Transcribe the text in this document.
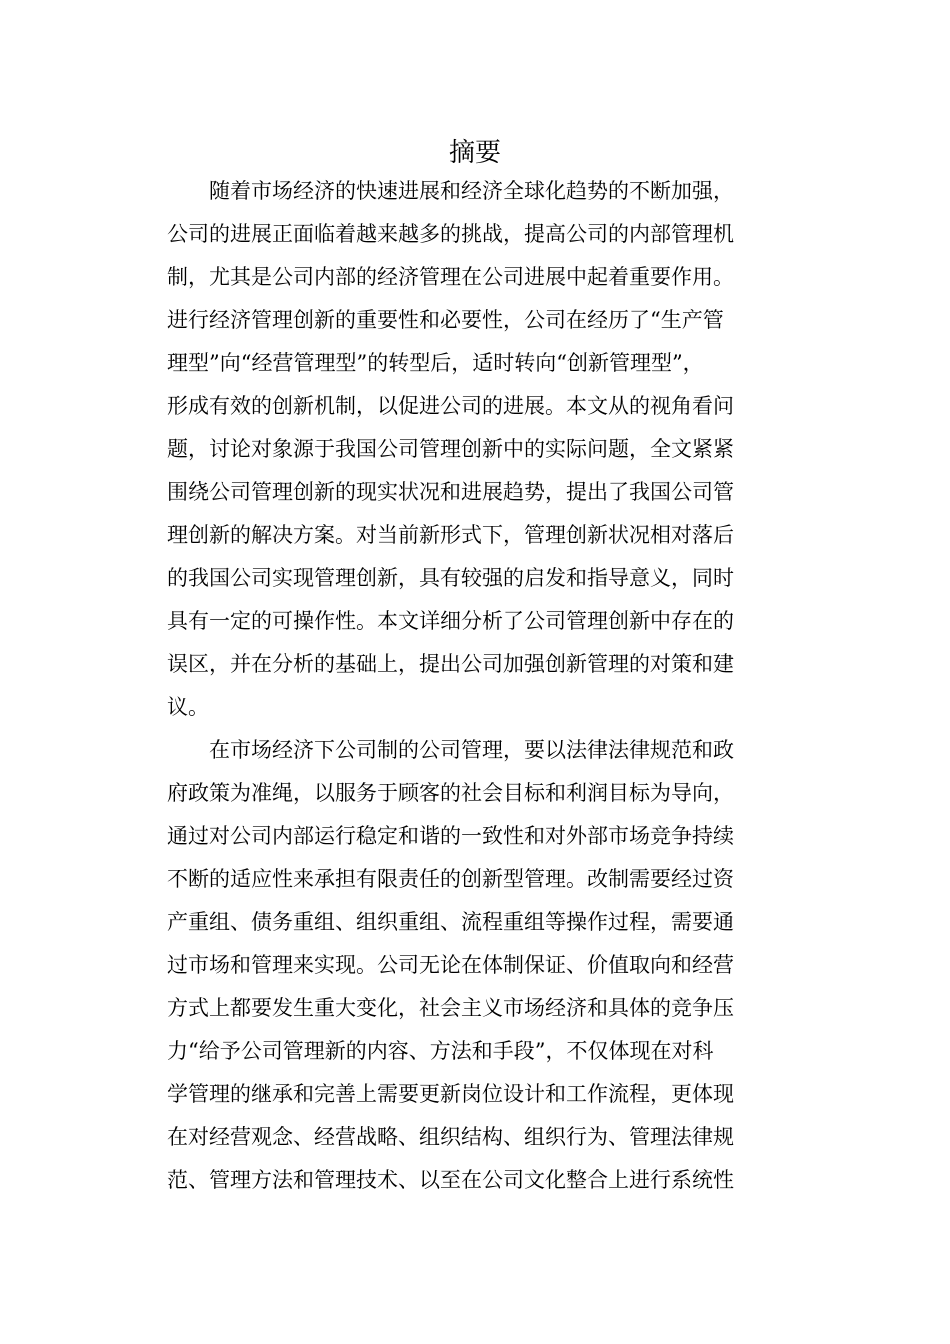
摘要
随着市场经济的快速进展和经济全球化趋势的不断加强，
公司的进展正面临着越来越多的挑战，提高公司的内部管理机
制，尤其是公司内部的经济管理在公司进展中起着重要作用。
进行经济管理创新的重要性和必要性，公司在经历了“生产管
理型”向“经营管理型”的转型后，适时转向“创新管理型”，
形成有效的创新机制，以促进公司的进展。本文从的视角看问
题，讨论对象源于我国公司管理创新中的实际问题，全文紧紧
围绕公司管理创新的现实状况和进展趋势，提出了我国公司管
理创新的解决方案。对当前新形式下，管理创新状况相对落后
的我国公司实现管理创新，具有较强的启发和指导意义，同时
具有一定的可操作性。本文详细分析了公司管理创新中存在的
误区，并在分析的基础上，提出公司加强创新管理的对策和建
议。
在市场经济下公司制的公司管理，要以法律法律规范和政
府政策为准绳，以服务于顾客的社会目标和利润目标为导向，
通过对公司内部运行稳定和谐的一致性和对外部市场竞争持续
不断的适应性来承担有限责任的创新型管理。改制需要经过资
产重组、债务重组、组织重组、流程重组等操作过程，需要通
过市场和管理来实现。公司无论在体制保证、价值取向和经营
方式上都要发生重大变化，社会主义市场经济和具体的竞争压
力“给予公司管理新的内容、方法和手段”，不仅体现在对科
学管理的继承和完善上需要更新岗位设计和工作流程，更体现
在对经营观念、经营战略、组织结构、组织行为、管理法律规
范、管理方法和管理技术、以至在公司文化整合上进行系统性
